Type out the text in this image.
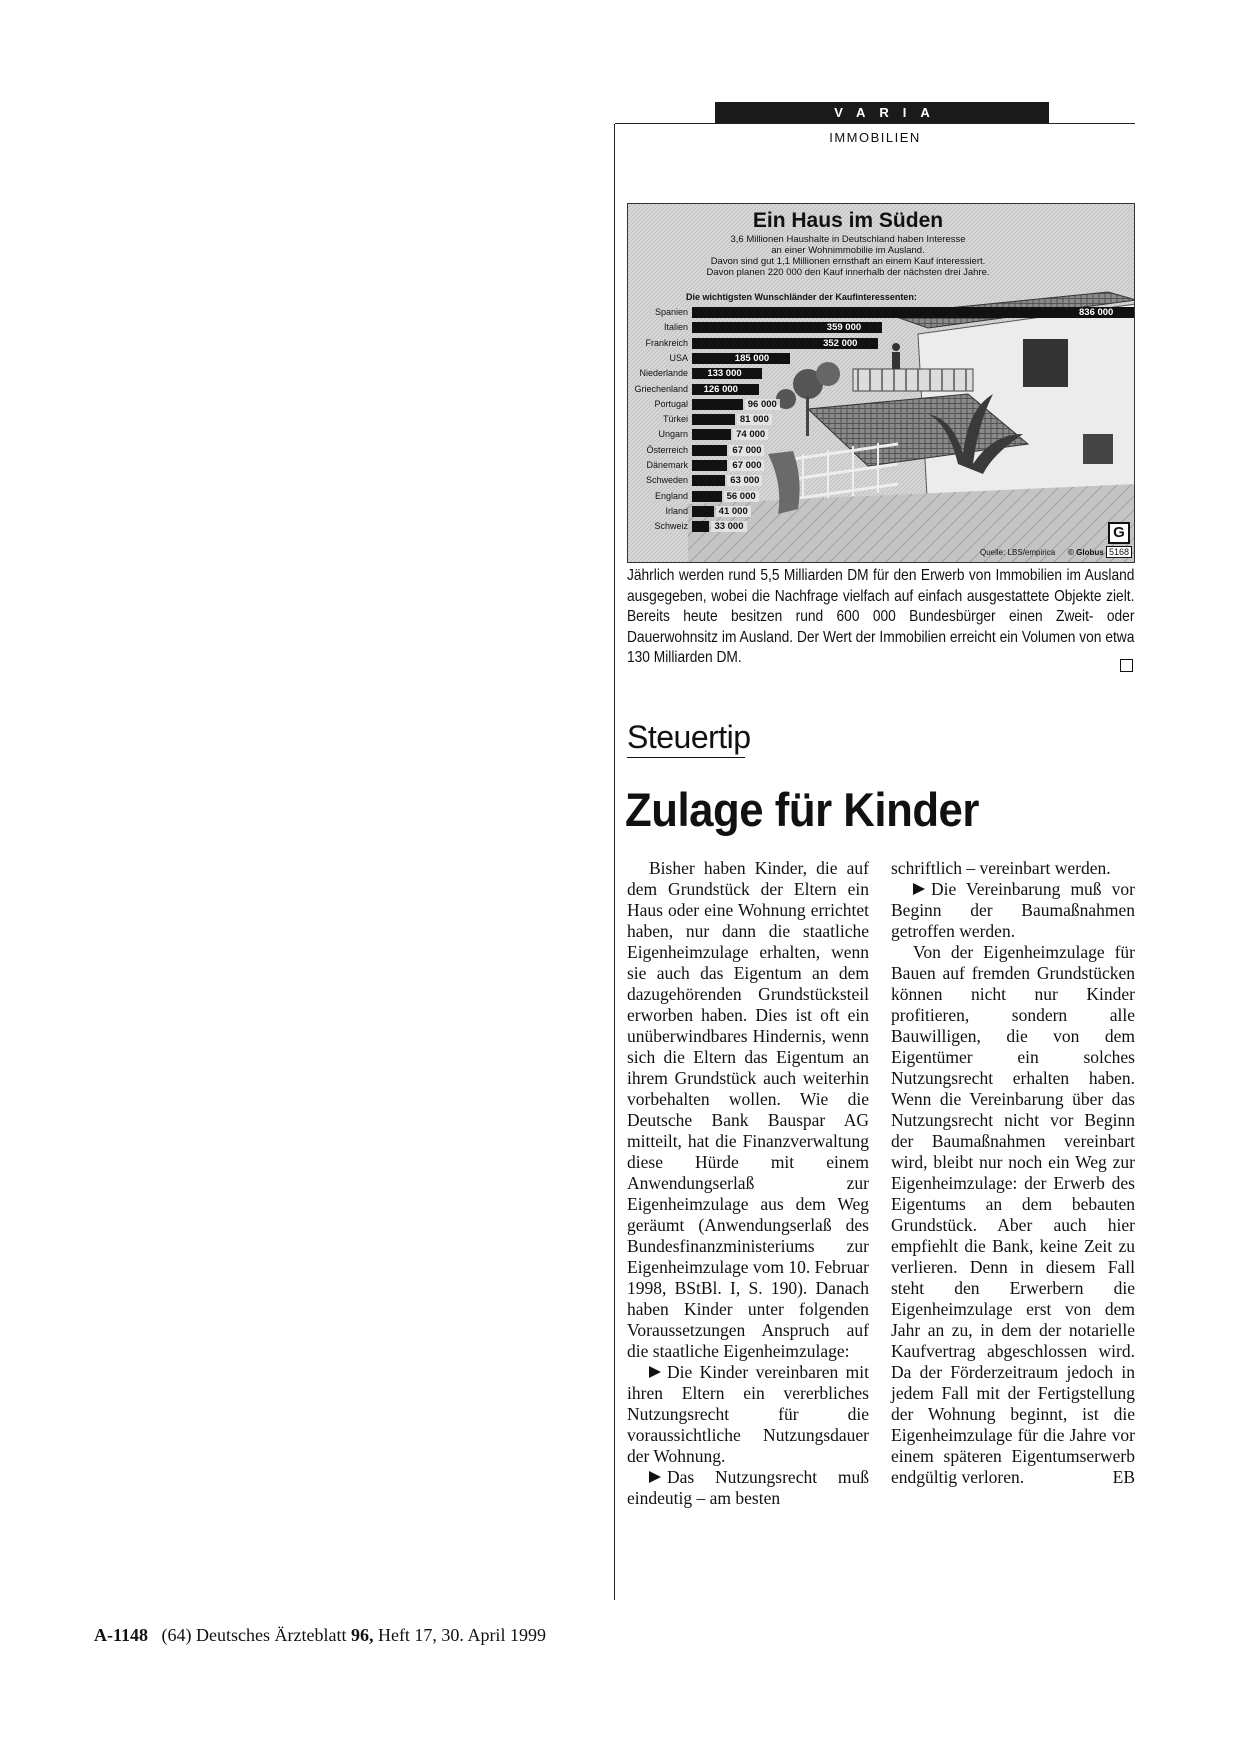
VARIA
IMMOBILIEN
Ein Haus im Süden
3,6 Millionen Haushalte in Deutschland haben Interesse
an einer Wohnimmobilie im Ausland.
Davon sind gut 1,1 Millionen ernsthaft an einem Kauf interessiert.
Davon planen 220 000 den Kauf innerhalb der nächsten drei Jahre.
Die wichtigsten Wunschländer der Kaufinteressenten:
Spanien	836 000
Italien	359 000
Frankreich	352 000
USA	185 000
Niederlande	133 000
Griechenland	126 000
Portugal	96 000
Türkei	81 000
Ungarn	74 000
Österreich	67 000
Dänemark	67 000
Schweden	63 000
England	56 000
Irland	41 000
Schweiz	33 000	G
Quelle: LBS/empirica © Globus 5168
Jährlich werden rund 5,5 Milliarden DM für den Erwerb von Immobilien im Ausland ausgegeben, wobei die Nachfrage vielfach auf einfach ausgestattete Objekte zielt. Bereits heute besitzen rund 600 000 Bundesbürger einen Zweit- oder Dauerwohnsitz im Ausland. Der Wert der Immobilien erreicht ein Volumen von etwa 130 Milliarden DM.
Steuertip
Zulage für Kinder

Bisher haben Kinder, die auf dem Grundstück der Eltern ein Haus oder eine Wohnung errichtet haben, nur dann die staatliche Eigenheimzulage erhalten, wenn sie auch das Eigentum an dem dazugehörenden Grundstücksteil erworben haben. Dies ist oft ein unüberwindbares Hindernis, wenn sich die Eltern das Eigentum an ihrem Grundstück auch weiterhin vorbehalten wollen. Wie die Deutsche Bank Bauspar AG mitteilt, hat die Finanzverwaltung diese Hürde mit einem Anwendungserlaß zur Eigenheimzulage aus dem Weg geräumt (Anwendungserlaß des Bundesfinanzministeriums zur Eigenheimzulage vom 10. Februar 1998, BStBl. I, S. 190). Danach haben Kinder unter folgenden Voraussetzungen Anspruch auf die staatliche Eigenheimzulage:

Die Kinder vereinbaren mit ihren Eltern ein vererbliches Nutzungsrecht für die voraussichtliche Nutzungsdauer der Wohnung.

Das Nutzungsrecht muß eindeutig – am besten

schriftlich – vereinbart werden.

Die Vereinbarung muß vor Beginn der Baumaßnahmen getroffen werden.

Von der Eigenheimzulage für Bauen auf fremden Grundstücken können nicht nur Kinder profitieren, sondern alle Bauwilligen, die von dem Eigentümer ein solches Nutzungsrecht erhalten haben. Wenn die Vereinbarung über das Nutzungsrecht nicht vor Beginn der Baumaßnahmen vereinbart wird, bleibt nur noch ein Weg zur Eigenheimzulage: der Erwerb des Eigentums an dem bebauten Grundstück. Aber auch hier empfiehlt die Bank, keine Zeit zu verlieren. Denn in diesem Fall steht den Erwerbern die Eigenheimzulage erst von dem Jahr an zu, in dem der notarielle Kaufvertrag abgeschlossen wird. Da der Förderzeitraum jedoch in jedem Fall mit der Fertigstellung der Wohnung beginnt, ist die Eigenheimzulage für die Jahre vor einem späteren Eigentumserwerb endgültig verloren.	EB

A-1148 (64) Deutsches Ärzteblatt 96, Heft 17, 30. April 1999
